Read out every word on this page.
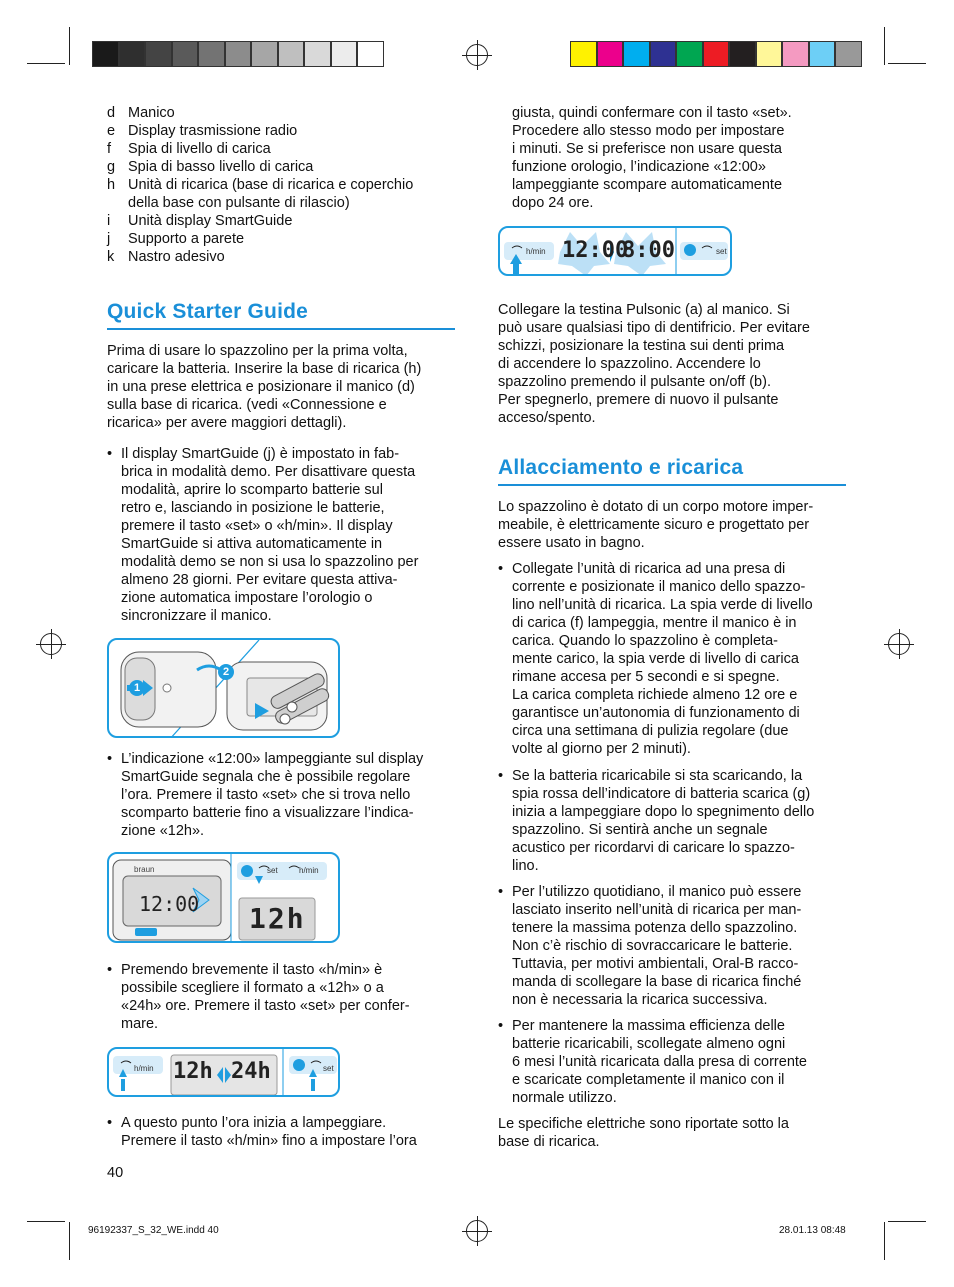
d Manico
e Display trasmissione radio
f	Spia di livello di carica
g Spia di basso livello di carica
h Unità di ricarica (base di ricarica e coperchio
della base con pulsante di rilascio)
i	Unità display SmartGuide
j	Supporto a parete
k Nastro adesivo
Quick Starter Guide
Prima di usare lo spazzolino per la prima volta,
caricare la batteria. Inserire la base di ricarica (h)
in una prese elettrica e posizionare il manico (d)
sulla base di ricarica. (vedi «Connessione e
ricarica» per avere maggiori dettagli).
• Il display SmartGuide (j) è impostato in fab-
brica in modalità demo. Per disattivare questa
modalità, aprire lo scomparto batterie sul
retro e, lasciando in posizione le batterie,
premere il tasto «set» o «h/min». Il display
SmartGuide si attiva automaticamente in
modalità demo se non si usa lo spazzolino per
almeno 28 giorni. Per evitare questa attiva-
zione automatica impostare l’orologio o
sincronizzare il manico.
1
2
• L’indicazione «12:00» lampeggiante sul display
SmartGuide segnala che è possibile regolare
l’ora. Premere il tasto «set» che si trova nello
scomparto batterie fino a visualizzare l’indica-
zione «12h».
12:00 12h
braun	set	h/min
• Premendo brevemente il tasto «h/min» è
possibile scegliere il formato a «12h» o a
«24h» ore. Premere il tasto «set» per confer-
mare.
h/min 12h 24h	set
• A questo punto l’ora inizia a lampeggiare.
Premere il tasto «h/min» fino a impostare l’ora
40
giusta, quindi confermare con il tasto «set».
Procedere allo stesso modo per impostare
i minuti. Se si preferisce non usare questa
funzione orologio, l’indicazione «12:00»
lampeggiante scompare automaticamente
dopo 24 ore.
h/min 12:00
8:00	set
Collegare la testina Pulsonic (a) al manico. Si
può usare qualsiasi tipo di dentifricio. Per evitare
schizzi, posizionare la testina sui denti prima
di accendere lo spazzolino. Accendere lo
spazzolino premendo il pulsante on/off (b).
Per spegnerlo, premere di nuovo il pulsante
acceso/spento.
Allacciamento e ricarica
Lo spazzolino è dotato di un corpo motore imper-
meabile, è elettricamente sicuro e progettato per
essere usato in bagno.
• Collegate l’unità di ricarica ad una presa di
corrente e posizionate il manico dello spazzo-
lino nell’unità di ricarica. La spia verde di livello
di carica (f) lampeggia, mentre il manico è in
carica. Quando lo spazzolino è completa-
mente carico, la spia verde di livello di carica
rimane accesa per 5 secondi e si spegne.
La carica completa richiede almeno 12 ore e
garantisce un’autonomia di funzionamento di
circa una settimana di pulizia regolare (due
volte al giorno per 2 minuti).
• Se la batteria ricaricabile si sta scaricando, la
spia rossa dell’indicatore di batteria scarica (g)
inizia a lampeggiare dopo lo spegnimento dello
spazzolino. Si sentirà anche un segnale
acustico per ricordarvi di caricare lo spazzo-
lino.
• Per l’utilizzo quotidiano, il manico può essere
lasciato inserito nell’unità di ricarica per man-
tenere la massima potenza dello spazzolino.
Non c’è rischio di sovraccaricare le batterie.
Tuttavia, per motivi ambientali, Oral-B racco-
manda di scollegare la base di ricarica finché
non è necessaria la ricarica successiva.
• Per mantenere la massima efficienza delle
batterie ricaricabili, scollegate almeno ogni
6 mesi l’unità ricaricata dalla presa di corrente
e scaricate completamente il manico con il
normale utilizzo.
Le specifiche elettriche sono riportate sotto la
base di ricarica.
96192337_S_32_WE.indd 40	28.01.13 08:48
